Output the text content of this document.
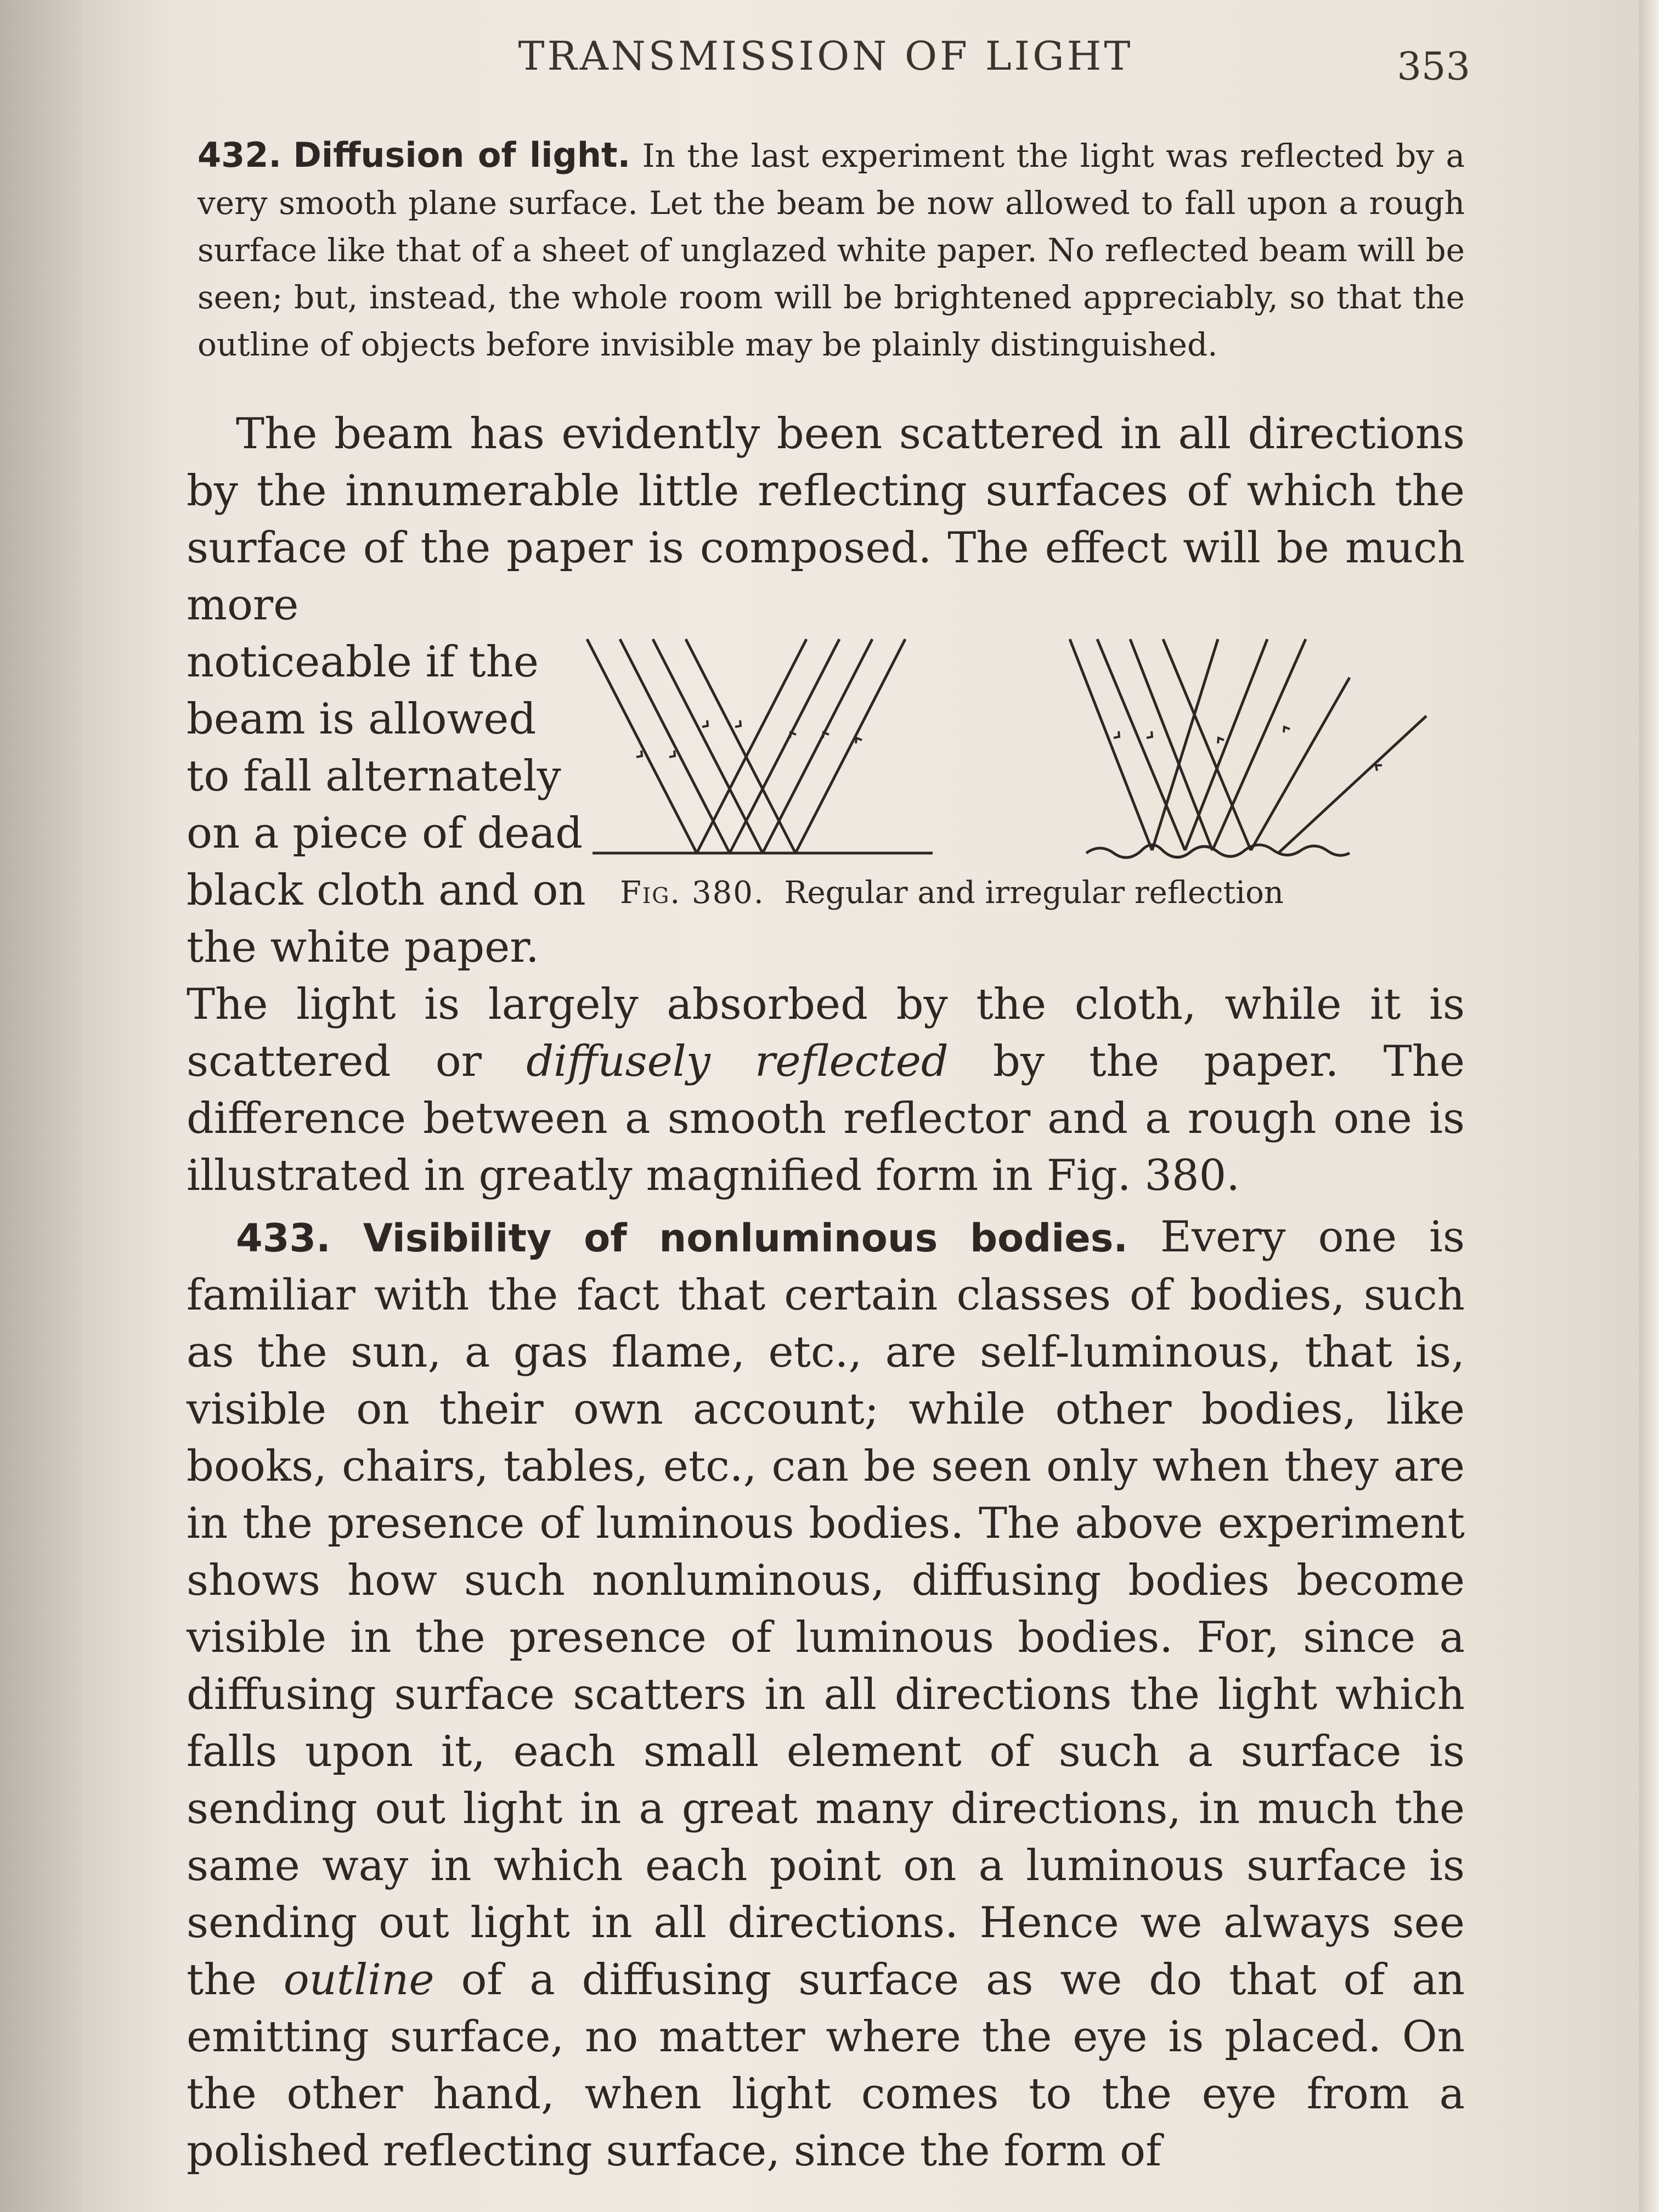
TRANSMISSION OF LIGHT	353

432. Diffusion of light. In the last experiment the light was reflected by a very smooth plane surface. Let the beam be now allowed to fall upon a rough surface like that of a sheet of unglazed white paper. No reflected beam will be seen; but, instead, the whole room will be brightened appreciably, so that the outline of objects before invisible may be plainly distinguished.

The beam has evidently been scattered in all directions by the innumerable little reflecting surfaces of which the surface of the paper is composed. The effect will be much more

noticeable if the
beam is allowed
to fall alternately
on a piece of dead
black cloth and on
the white paper.
Fig. 380. Regular and irregular reflection

The light is largely absorbed by the cloth, while it is scattered or diffusely reflected by the paper. The difference between a smooth reflector and a rough one is illustrated in greatly magnified form in Fig. 380.

433. Visibility of nonluminous bodies. Every one is familiar with the fact that certain classes of bodies, such as the sun, a gas flame, etc., are self-luminous, that is, visible on their own account; while other bodies, like books, chairs, tables, etc., can be seen only when they are in the presence of luminous bodies. The above experiment shows how such nonluminous, diffusing bodies become visible in the presence of luminous bodies. For, since a diffusing surface scatters in all directions the light which falls upon it, each small element of such a surface is sending out light in a great many directions, in much the same way in which each point on a luminous surface is sending out light in all directions. Hence we always see the outline of a diffusing surface as we do that of an emitting surface, no matter where the eye is placed. On the other hand, when light comes to the eye from a polished reflecting surface, since the form of
